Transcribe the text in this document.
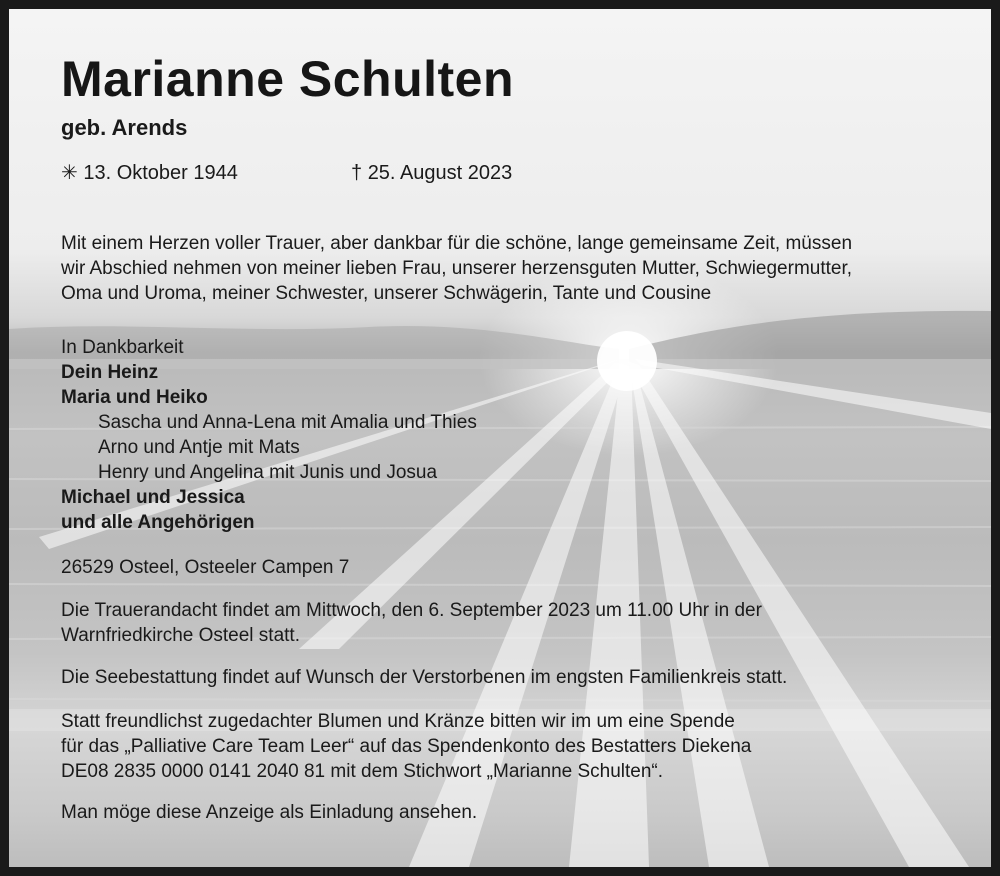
Marianne Schulten
geb. Arends
✳ 13. Oktober 1944	† 25. August 2023
Mit einem Herzen voller Trauer, aber dankbar für die schöne, lange gemeinsame Zeit, müssen
wir Abschied nehmen von meiner lieben Frau, unserer herzensguten Mutter, Schwiegermutter,
Oma und Uroma, meiner Schwester, unserer Schwägerin, Tante und Cousine
In Dankbarkeit
Dein Heinz
Maria und Heiko
Sascha und Anna-Lena mit Amalia und Thies
Arno und Antje mit Mats
Henry und Angelina mit Junis und Josua
Michael und Jessica
und alle Angehörigen
26529 Osteel, Osteeler Campen 7
Die Trauerandacht findet am Mittwoch, den 6. September 2023 um 11.00 Uhr in der
Warnfriedkirche Osteel statt.
Die Seebestattung findet auf Wunsch der Verstorbenen im engsten Familienkreis statt.
Statt freundlichst zugedachter Blumen und Kränze bitten wir im um eine Spende
für das „Palliative Care Team Leer“ auf das Spendenkonto des Bestatters Diekena
DE08 2835 0000 0141 2040 81 mit dem Stichwort „Marianne Schulten“.
Man möge diese Anzeige als Einladung ansehen.
